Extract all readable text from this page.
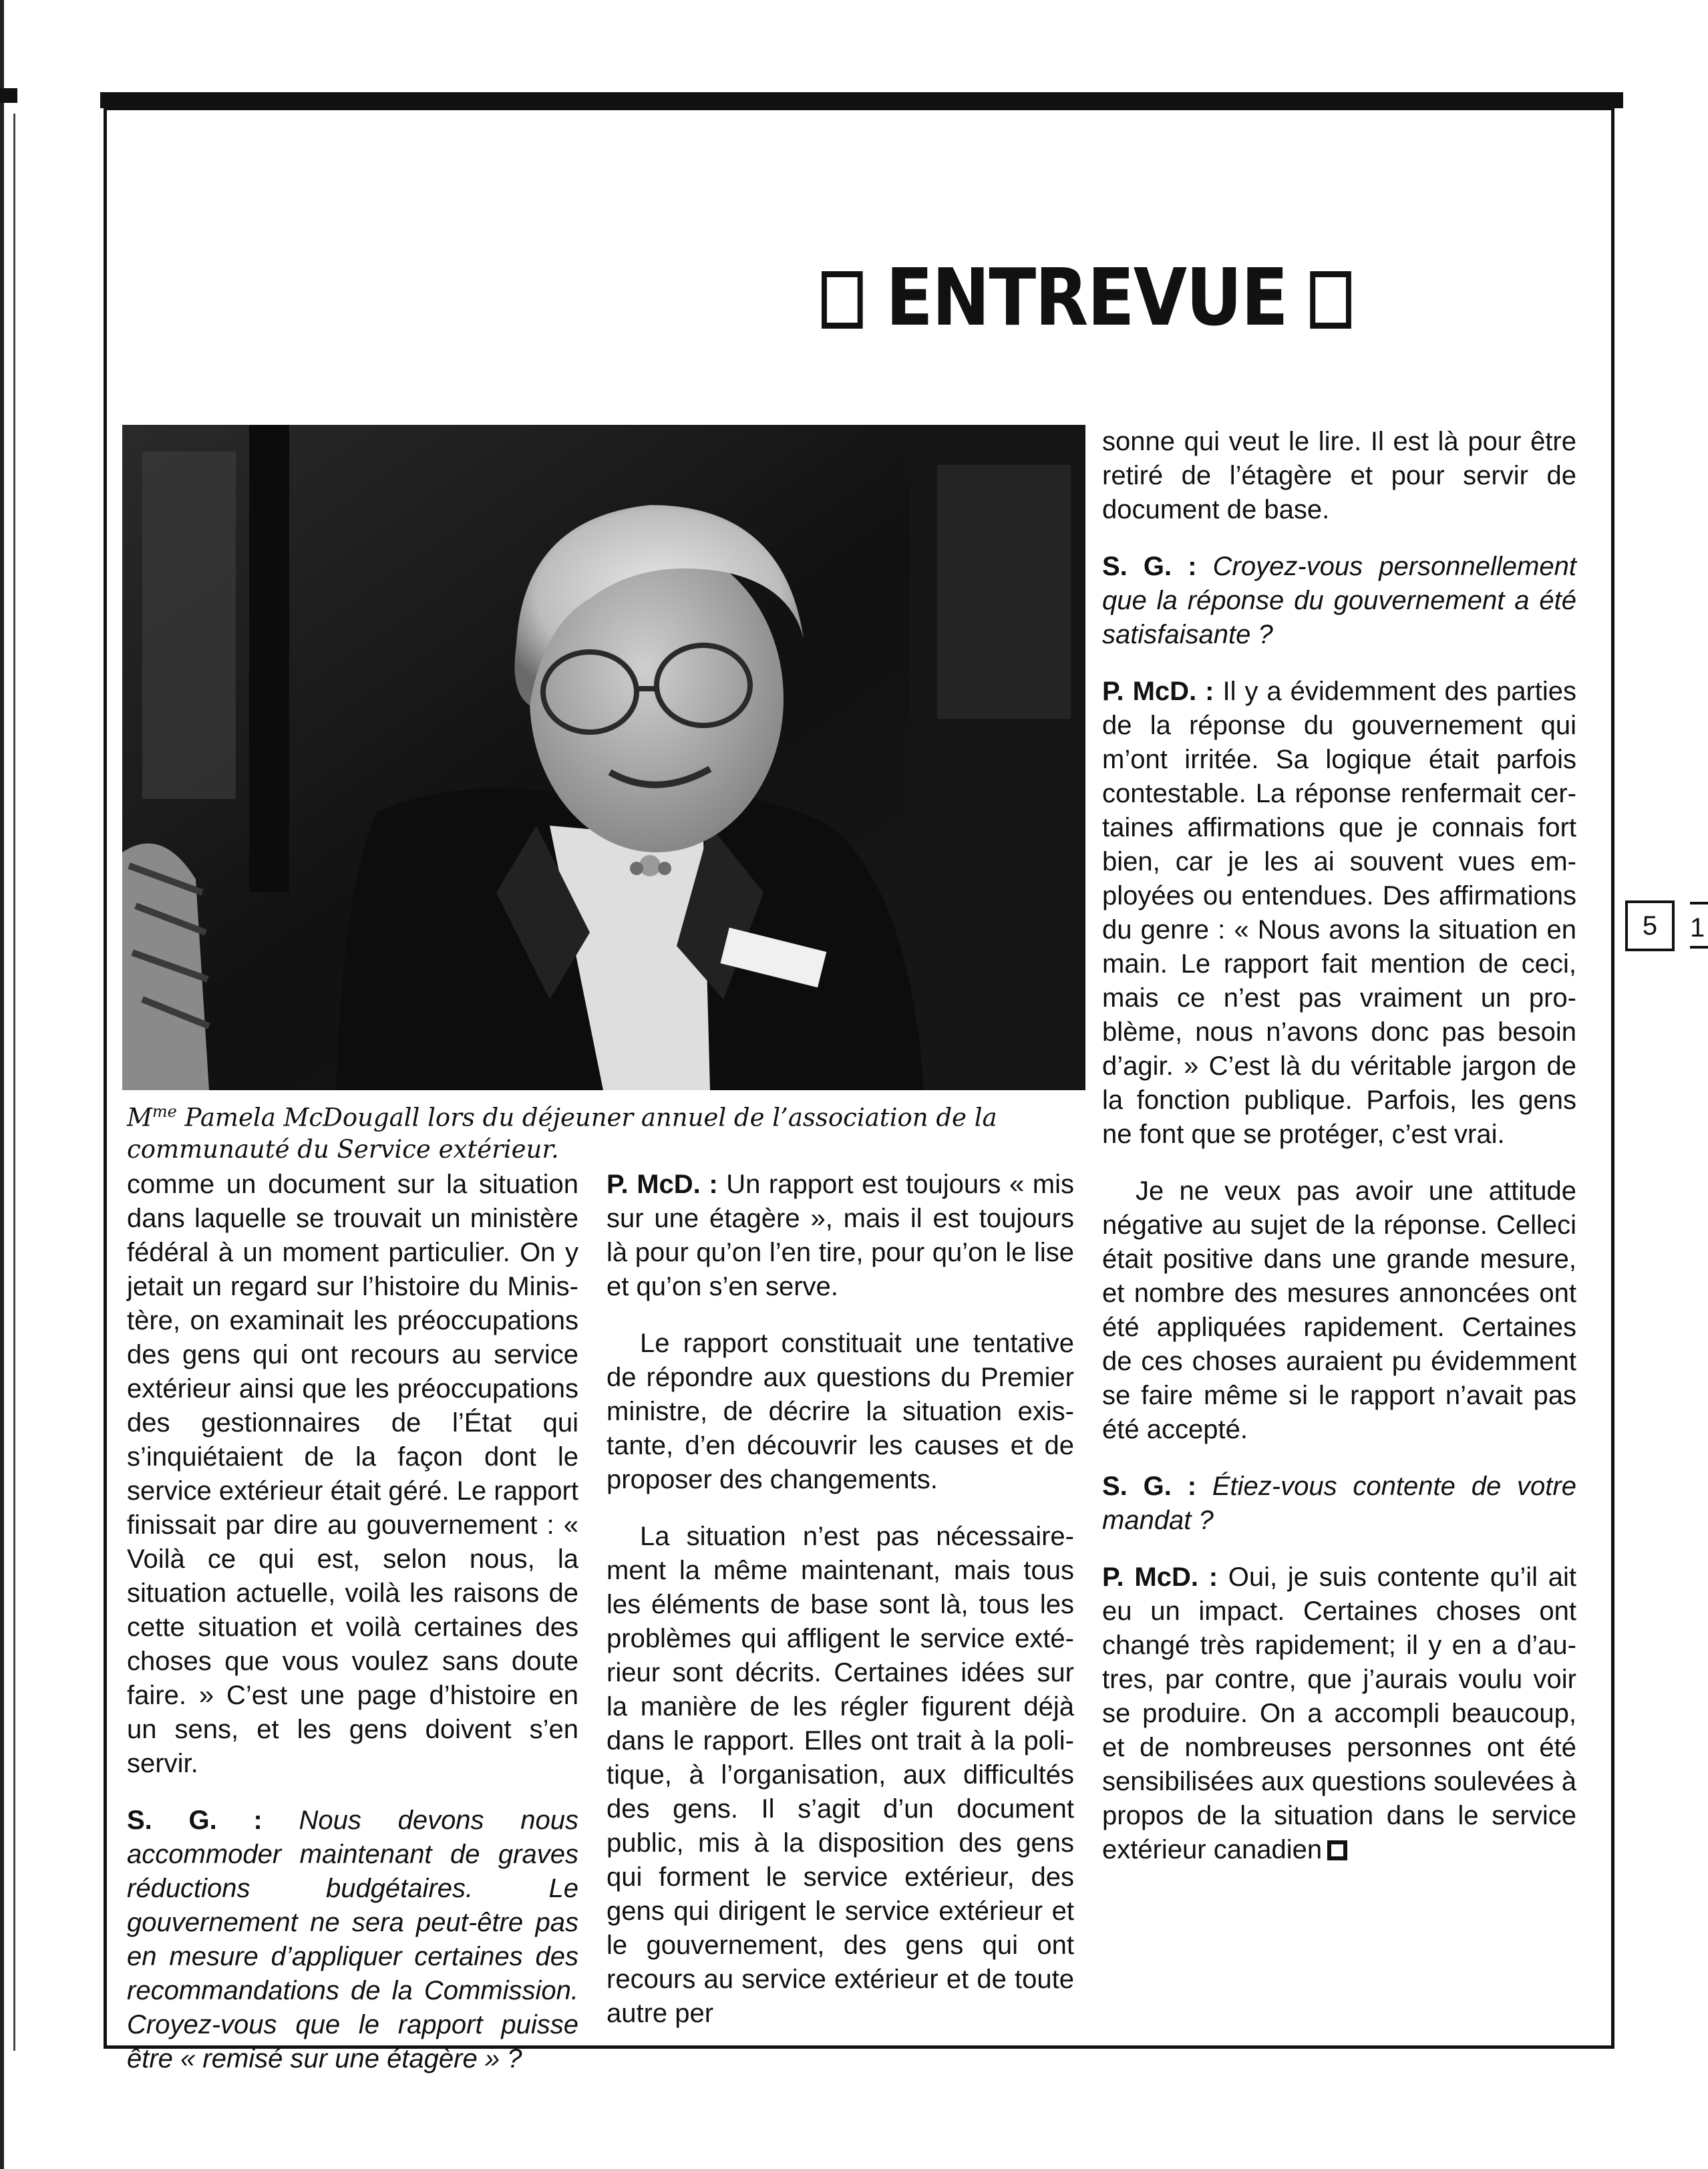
ENTREVUE
$M^{me}$ Pamela McDougall lors du déjeuner annuel de l’association de la communauté du Service extérieur.

comme un document sur la situation dans laquelle se trouvait un ministère fédéral à un moment particulier. On y jetait un regard sur l’histoire du Ministère, on examinait les préoccupations des gens qui ont recours au service extérieur ainsi que les préoccupations des gestionnaires de l’État qui s’inquiétaient de la façon dont le service extérieur était géré. Le rapport finissait par dire au gouvernement : « Voilà ce qui est, selon nous, la situation actuelle, voilà les raisons de cette situation et voilà certaines des choses que vous voulez sans doute faire. » C’est une page d’histoire en un sens, et les gens doivent s’en servir.

S. G. : Nous devons nous accommoder maintenant de graves réductions budgétaires. Le gouvernement ne sera peut-être pas en mesure d’appliquer certaines des recommandations de la Commission. Croyez-vous que le rapport puisse être « remisé sur une étagère » ?

P. McD. : Un rapport est toujours « mis sur une étagère », mais il est toujours là pour qu’on l’en tire, pour qu’on le lise et qu’on s’en serve.

Le rapport constituait une tentative de répondre aux questions du Premier ministre, de décrire la situation existante, d’en découvrir les causes et de proposer des changements.

La situation n’est pas nécessairement la même maintenant, mais tous les éléments de base sont là, tous les problèmes qui affligent le service extérieur sont décrits. Certaines idées sur la manière de les régler figurent déjà dans le rapport. Elles ont trait à la politique, à l’organisation, aux difficultés des gens. Il s’agit d’un document public, mis à la disposition des gens qui forment le service extérieur, des gens qui dirigent le service extérieur et le gouvernement, des gens qui ont recours au service extérieur et de toute autre per

sonne qui veut le lire. Il est là pour être retiré de l’étagère et pour servir de document de base.

S. G. : Croyez-vous personnellement que la réponse du gouvernement a été satisfaisante ?

P. McD. : Il y a évidemment des parties de la réponse du gouvernement qui m’ont irritée. Sa logique était parfois contestable. La réponse renfermait certaines affirmations que je connais fort bien, car je les ai souvent vues employées ou entendues. Des affirmations du genre : « Nous avons la situation en main. Le rapport fait mention de ceci, mais ce n’est pas vraiment un problème, nous n’avons donc pas besoin d’agir. » C’est là du véritable jargon de la fonction publique. Parfois, les gens ne font que se protéger, c’est vrai.

Je ne veux pas avoir une attitude négative au sujet de la réponse. Celleci était positive dans une grande mesure, et nombre des mesures annoncées ont été appliquées rapidement. Certaines de ces choses auraient pu évidemment se faire même si le rapport n’avait pas été accepté.

S. G. : Étiez-vous contente de votre mandat ?

P. McD. : Oui, je suis contente qu’il ait eu un impact. Certaines choses ont changé très rapidement; il y en a d’autres, par contre, que j’aurais voulu voir se produire. On a accompli beaucoup, et de nombreuses personnes ont été sensibilisées aux questions soulevées à propos de la situation dans le service extérieur canadien

5	1
